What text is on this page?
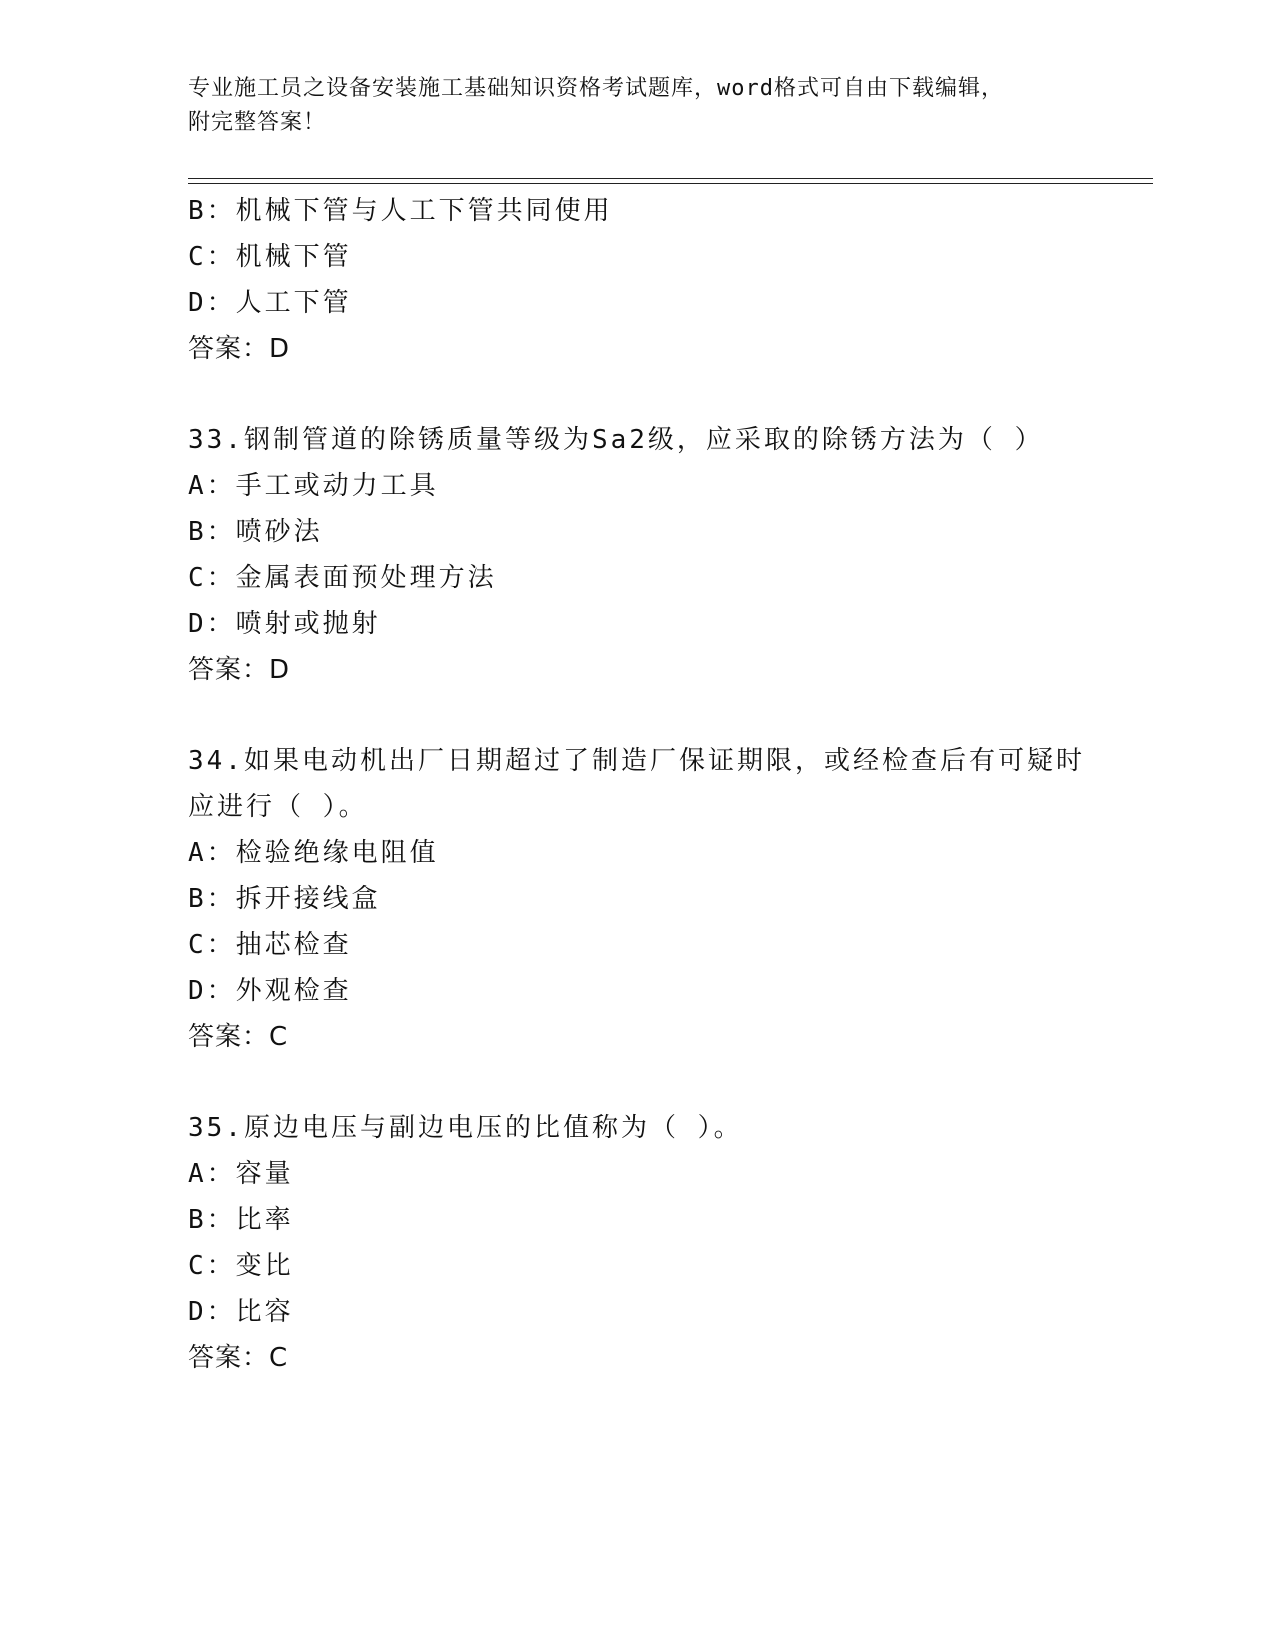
专业施工员之设备安装施工基础知识资格考试题库，word格式可自由下载编辑，
附完整答案！
B：机械下管与人工下管共同使用
C：机械下管
D：人工下管
答案：D
33.钢制管道的除锈质量等级为Sa2级，应采取的除锈方法为（ ）
A：手工或动力工具
B：喷砂法
C：金属表面预处理方法
D：喷射或抛射
答案：D
34.如果电动机出厂日期超过了制造厂保证期限，或经检查后有可疑时
应进行（ ）。
A：检验绝缘电阻值
B：拆开接线盒
C：抽芯检查
D：外观检查
答案：C
35.原边电压与副边电压的比值称为（ ）。
A：容量
B：比率
C：变比
D：比容
答案：C
